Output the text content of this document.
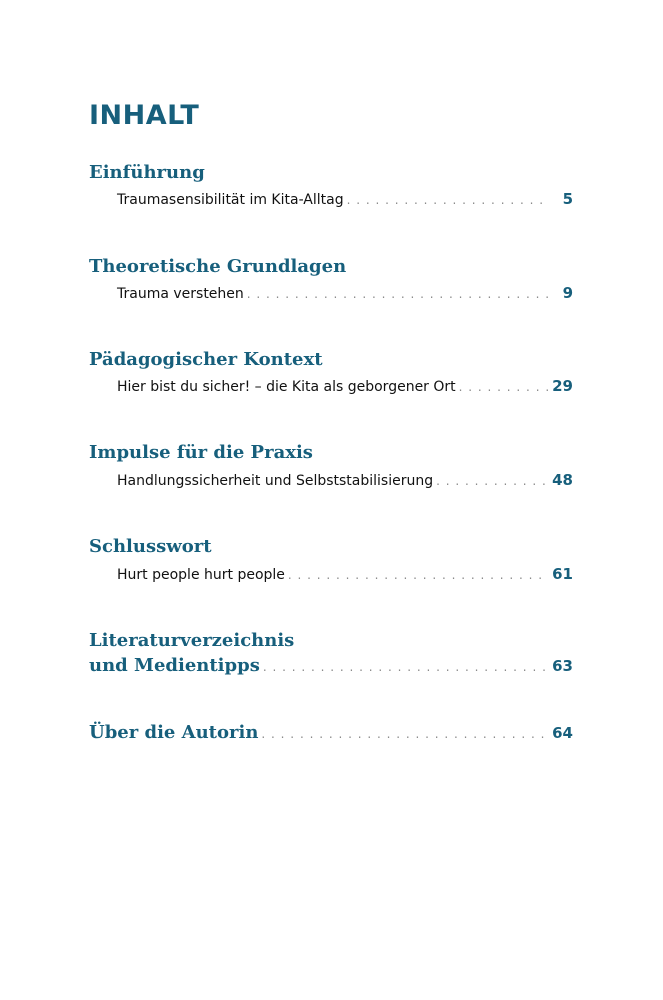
INHALT
Einführung
Traumasensibilität im Kita-Alltag . . .	5
Theoretische Grundlagen
Trauma verstehen . . .	9
Pädagogischer Kontext
Hier bist du sicher! – die Kita als geborgener Ort . . .	29
Impulse für die Praxis
Handlungssicherheit und Selbststabilisierung . . .	48
Schlusswort
Hurt people hurt people . . .	61
Literaturverzeichnis
und Medientipps . . .	63
Über die Autorin . . .	64
